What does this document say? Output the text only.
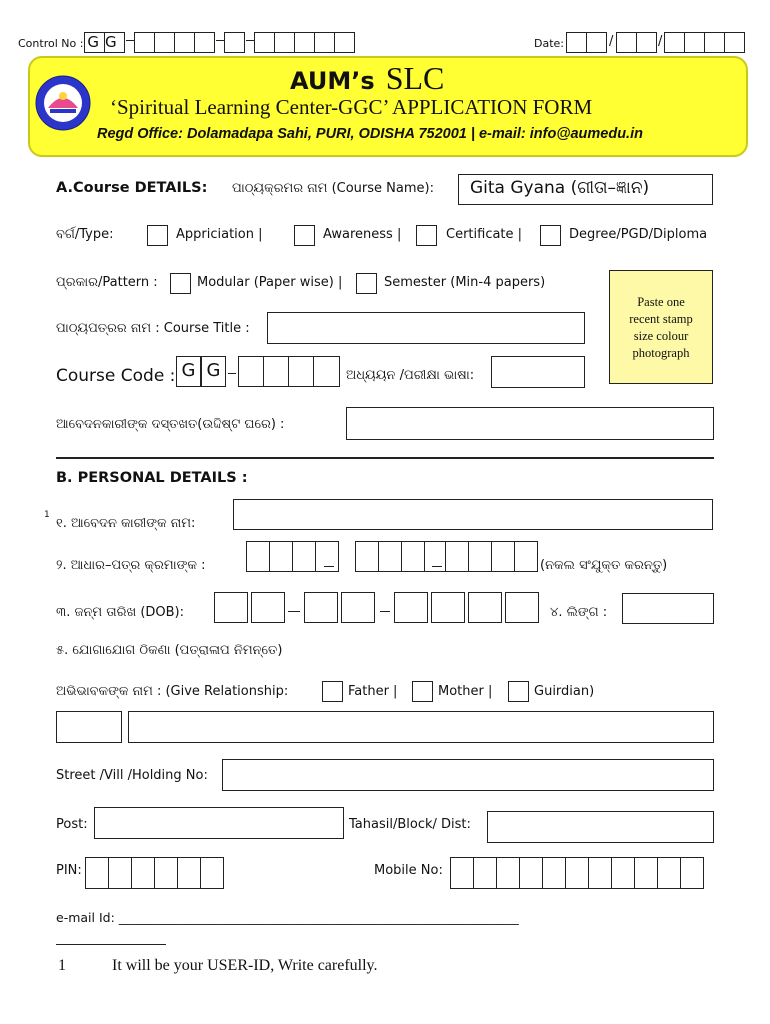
Control No : GG	Date:	/	/
AUM’s SLC
‘Spiritual Learning Center-GGC’ APPLICATION FORM
Regd Office: Dolamadapa Sahi, PURI, ODISHA 752001 | e-mail: info@aumedu.in
A.Course DETAILS: ପାଠ୍ୟକ୍ରମର ନାମ (Course Name): Gita Gyana (ଗୀତା–ଜ୍ଞାନ)
ବର୍ଗ/Type:	Appriciation |	Awareness |	Certificate |	Degree/PGD/Diploma
ପ୍ରକାର/Pattern :	Modular (Paper wise) |	Semester (Min-4 papers)
Paste one
recent stamp
size colour
photograph
ପାଠ୍ୟପତ୍ରର ନାମ : Course Title :
Course Code : G G	ଅଧ୍ୟୟନ /ପରୀକ୍ଷା ଭାଷା:
ଆବେଦନକାରୀଙ୍କ ଦସ୍ତଖତ(ଉଦ୍ଦିଷ୍ଟ ଘରେ) :
B. PERSONAL DETAILS :
୧. ଆବେଦନ କାରୀଙ୍କ ନାମ:
1
୨. ଆଧାର–ପତ୍ର କ୍ରମାଙ୍କ :	(ନକଲ ସଂଯୁକ୍ତ କରନ୍ତୁ)
୩. ଜନ୍ମ ତାରିଖ (DOB):	୪. ଲିଙ୍ଗ :
୫. ଯୋଗାଯୋଗ ଠିକଣା (ପତ୍ରାଳାପ ନିମନ୍ତେ)
ଅଭିଭାବକଙ୍କ ନାମ : (Give Relationship:	Father |	Mother |	Guirdian)
Street /Vill /Holding No:
Post:	Tahasil/Block/ Dist:
PIN:	Mobile No:
e-mail Id: ________________________________________________________________
1	It will be your USER-ID, Write carefully.
